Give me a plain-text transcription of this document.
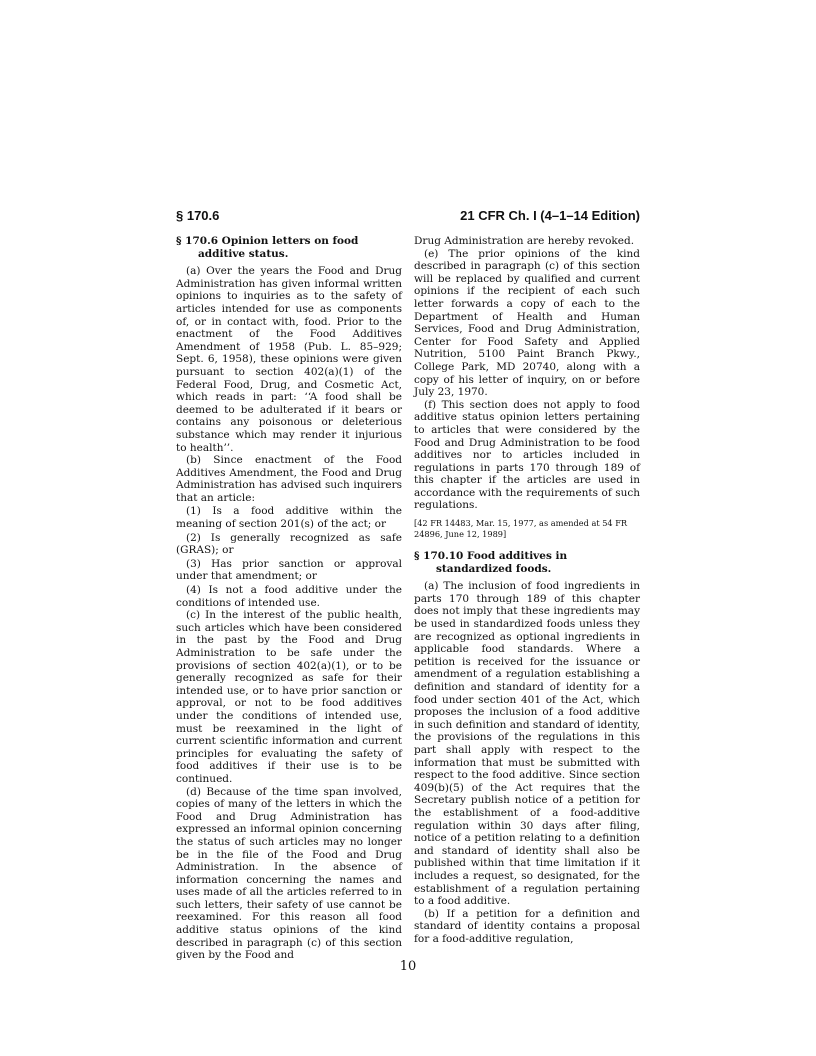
§ 170.6	21 CFR Ch. I (4–1–14 Edition)
§ 170.6 Opinion letters on food additive status.

(a) Over the years the Food and Drug Administration has given informal written opinions to inquiries as to the safety of articles intended for use as components of, or in contact with, food. Prior to the enactment of the Food Additives Amendment of 1958 (Pub. L. 85–929; Sept. 6, 1958), these opinions were given pursuant to section 402(a)(1) of the Federal Food, Drug, and Cosmetic Act, which reads in part: ‘‘A food shall be deemed to be adulterated if it bears or contains any poisonous or deleterious substance which may render it injurious to health’’.

(b) Since enactment of the Food Additives Amendment, the Food and Drug Administration has advised such inquirers that an article:

(1) Is a food additive within the meaning of section 201(s) of the act; or

(2) Is generally recognized as safe (GRAS); or

(3) Has prior sanction or approval under that amendment; or

(4) Is not a food additive under the conditions of intended use.

(c) In the interest of the public health, such articles which have been considered in the past by the Food and Drug Administration to be safe under the provisions of section 402(a)(1), or to be generally recognized as safe for their intended use, or to have prior sanction or approval, or not to be food additives under the conditions of intended use, must be reexamined in the light of current scientific information and current principles for evaluating the safety of food additives if their use is to be continued.

(d) Because of the time span involved, copies of many of the letters in which the Food and Drug Administration has expressed an informal opinion concerning the status of such articles may no longer be in the file of the Food and Drug Administration. In the absence of information concerning the names and uses made of all the articles referred to in such letters, their safety of use cannot be reexamined. For this reason all food additive status opinions of the kind described in paragraph (c) of this section given by the Food and

Drug Administration are hereby revoked.

(e) The prior opinions of the kind described in paragraph (c) of this section will be replaced by qualified and current opinions if the recipient of each such letter forwards a copy of each to the Department of Health and Human Services, Food and Drug Administration, Center for Food Safety and Applied Nutrition, 5100 Paint Branch Pkwy., College Park, MD 20740, along with a copy of his letter of inquiry, on or before July 23, 1970.

(f) This section does not apply to food additive status opinion letters pertaining to articles that were considered by the Food and Drug Administration to be food additives nor to articles included in regulations in parts 170 through 189 of this chapter if the articles are used in accordance with the requirements of such regulations.

[42 FR 14483, Mar. 15, 1977, as amended at 54 FR 24896, June 12, 1989]
§ 170.10 Food additives in standardized foods.

(a) The inclusion of food ingredients in parts 170 through 189 of this chapter does not imply that these ingredients may be used in standardized foods unless they are recognized as optional ingredients in applicable food standards. Where a petition is received for the issuance or amendment of a regulation establishing a definition and standard of identity for a food under section 401 of the Act, which proposes the inclusion of a food additive in such definition and standard of identity, the provisions of the regulations in this part shall apply with respect to the information that must be submitted with respect to the food additive. Since section 409(b)(5) of the Act requires that the Secretary publish notice of a petition for the establishment of a food-additive regulation within 30 days after filing, notice of a petition relating to a definition and standard of identity shall also be published within that time limitation if it includes a request, so designated, for the establishment of a regulation pertaining to a food additive.

(b) If a petition for a definition and standard of identity contains a proposal for a food-additive regulation,

10
